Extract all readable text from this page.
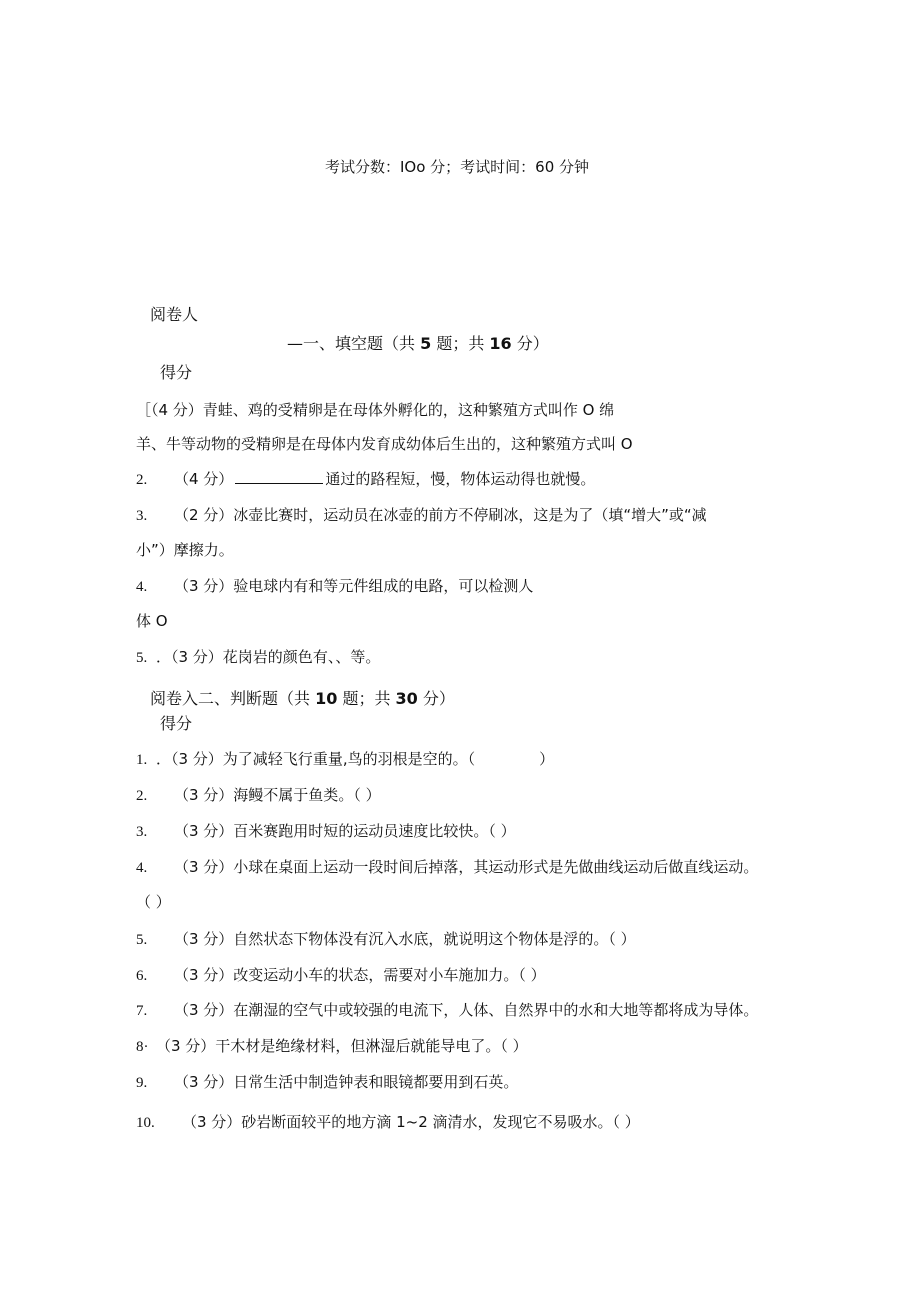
考试分数：IOo 分；考试时间：60 分钟
阅卷人
—一、填空题（共 5 题；共 16 分）
得分
［（4 分）青蛙、鸡的受精卵是在母体外孵化的，这种繁殖方式叫作 O 绵
羊、牛等动物的受精卵是在母体内发育成幼体后生出的，这种繁殖方式叫 O
2. （4 分）	通过的路程短，慢，物体运动得也就慢。
3. （2 分）冰壶比赛时，运动员在冰壶的前方不停刷冰，这是为了（填“增大”或“减
小”）摩擦力。
4. （3 分）验电球内有和等元件组成的电路，可以检测人
体 O
5. ．（3 分）花岗岩的颜色有、、等。
阅卷入二、判断题（共 10 题；共 30 分）
得分
1. ．（3 分）为了减轻飞行重量,鸟的羽根是空的。（	）
2. （3 分）海鳗不属于鱼类。（ ）
3. （3 分）百米赛跑用时短的运动员速度比较快。（ ）
4. （3 分）小球在桌面上运动一段时间后掉落，其运动形式是先做曲线运动后做直线运动。
（ ）
5. （3 分）自然状态下物体没有沉入水底，就说明这个物体是浮的。（ ）
6. （3 分）改变运动小车的状态，需要对小车施加力。（ ）
7. （3 分）在潮湿的空气中或较强的电流下，人体、自然界中的水和大地等都将成为导体。
8· （3 分）干木材是绝缘材料，但淋湿后就能导电了。（ ）
9. （3 分）日常生活中制造钟表和眼镜都要用到石英。
10. （3 分）砂岩断面较平的地方滴 1~2 滴清水，发现它不易吸水。（ ）
